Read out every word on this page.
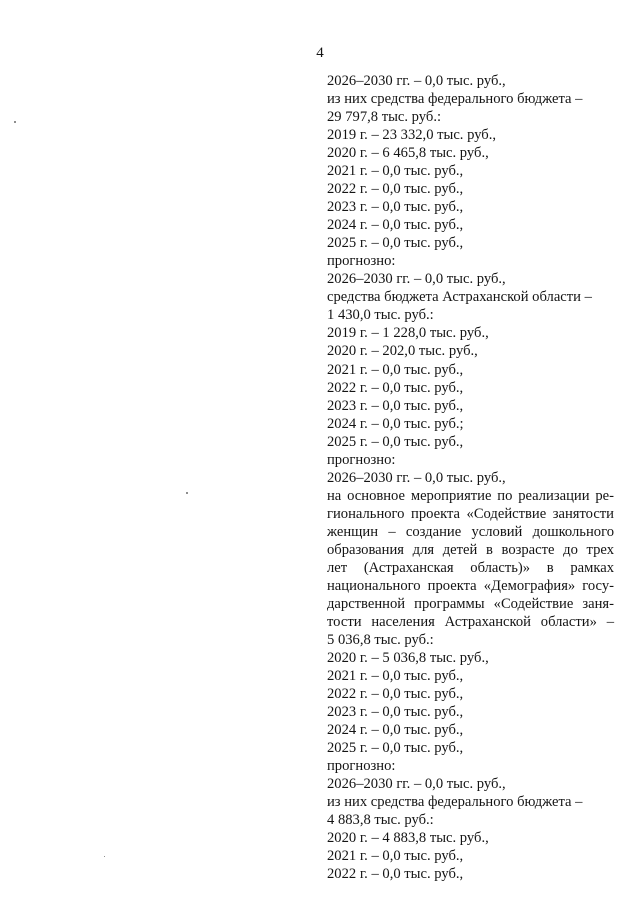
4
2026–2030 гг. – 0,0 тыс. руб.,
из них средства федерального бюджета –
29 797,8 тыс. руб.:
2019 г. – 23 332,0 тыс. руб.,
2020 г. – 6 465,8 тыс. руб.,
2021 г. – 0,0 тыс. руб.,
2022 г. – 0,0 тыс. руб.,
2023 г. – 0,0 тыс. руб.,
2024 г. – 0,0 тыс. руб.,
2025 г. – 0,0 тыс. руб.,
прогнозно:
2026–2030 гг. – 0,0 тыс. руб.,
средства бюджета Астраханской области –
1 430,0 тыс. руб.:
2019 г. – 1 228,0 тыс. руб.,
2020 г. – 202,0 тыс. руб.,
2021 г. – 0,0 тыс. руб.,
2022 г. – 0,0 тыс. руб.,
2023 г. – 0,0 тыс. руб.,
2024 г. – 0,0 тыс. руб.;
2025 г. – 0,0 тыс. руб.,
прогнозно:
2026–2030 гг. – 0,0 тыс. руб.,
на основное мероприятие по реализации ре-
гионального проекта «Содействие занятости
женщин – создание условий дошкольного
образования для детей в возрасте до трех
лет (Астраханская область)» в рамках
национального проекта «Демография» госу-
дарственной программы «Содействие заня-
тости населения Астраханской области» –
5 036,8 тыс. руб.:
2020 г. – 5 036,8 тыс. руб.,
2021 г. – 0,0 тыс. руб.,
2022 г. – 0,0 тыс. руб.,
2023 г. – 0,0 тыс. руб.,
2024 г. – 0,0 тыс. руб.,
2025 г. – 0,0 тыс. руб.,
прогнозно:
2026–2030 гг. – 0,0 тыс. руб.,
из них средства федерального бюджета –
4 883,8 тыс. руб.:
2020 г. – 4 883,8 тыс. руб.,
2021 г. – 0,0 тыс. руб.,
2022 г. – 0,0 тыс. руб.,
